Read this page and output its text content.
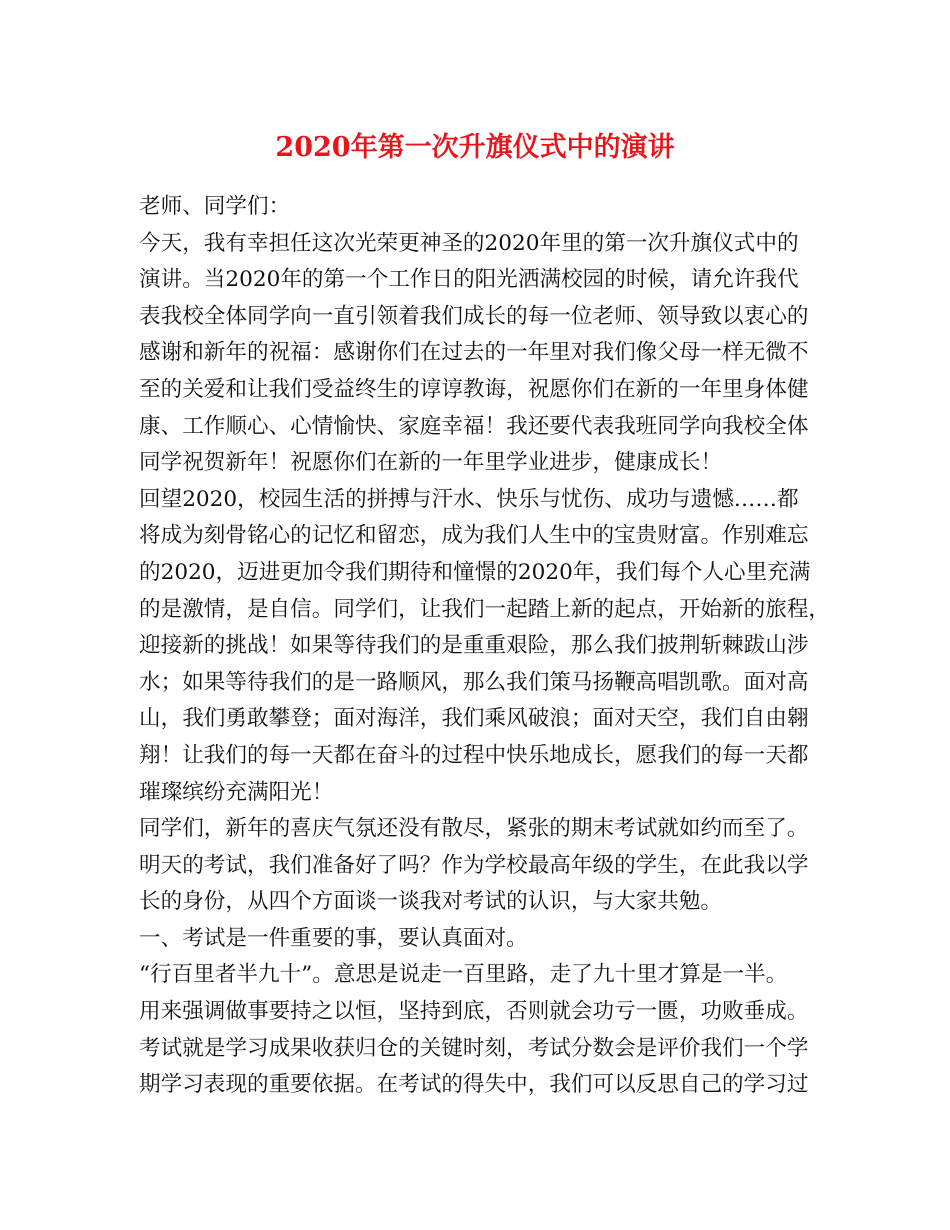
2020年第一次升旗仪式中的演讲

老师、同学们：

今天，我有幸担任这次光荣更神圣的2020年里的第一次升旗仪式中的

演讲。当2020年的第一个工作日的阳光洒满校园的时候，请允许我代

表我校全体同学向一直引领着我们成长的每一位老师、领导致以衷心的

感谢和新年的祝福：感谢你们在过去的一年里对我们像父母一样无微不

至的关爱和让我们受益终生的谆谆教诲，祝愿你们在新的一年里身体健

康、工作顺心、心情愉快、家庭幸福！我还要代表我班同学向我校全体

同学祝贺新年！祝愿你们在新的一年里学业进步，健康成长！

回望2020，校园生活的拼搏与汗水、快乐与忧伤、成功与遗憾……都

将成为刻骨铭心的记忆和留恋，成为我们人生中的宝贵财富。作别难忘

的2020，迈进更加令我们期待和憧憬的2020年，我们每个人心里充满

的是激情，是自信。同学们，让我们一起踏上新的起点，开始新的旅程，

迎接新的挑战！如果等待我们的是重重艰险，那么我们披荆斩棘跋山涉

水；如果等待我们的是一路顺风，那么我们策马扬鞭高唱凯歌。面对高

山，我们勇敢攀登；面对海洋，我们乘风破浪；面对天空，我们自由翱

翔！让我们的每一天都在奋斗的过程中快乐地成长，愿我们的每一天都

璀璨缤纷充满阳光！

同学们，新年的喜庆气氛还没有散尽，紧张的期末考试就如约而至了。

明天的考试，我们准备好了吗？作为学校最高年级的学生，在此我以学

长的身份，从四个方面谈一谈我对考试的认识，与大家共勉。

一、考试是一件重要的事，要认真面对。

“行百里者半九十”。意思是说走一百里路，走了九十里才算是一半。

用来强调做事要持之以恒，坚持到底，否则就会功亏一匮，功败垂成。

考试就是学习成果收获归仓的关键时刻，考试分数会是评价我们一个学

期学习表现的重要依据。在考试的得失中，我们可以反思自己的学习过
